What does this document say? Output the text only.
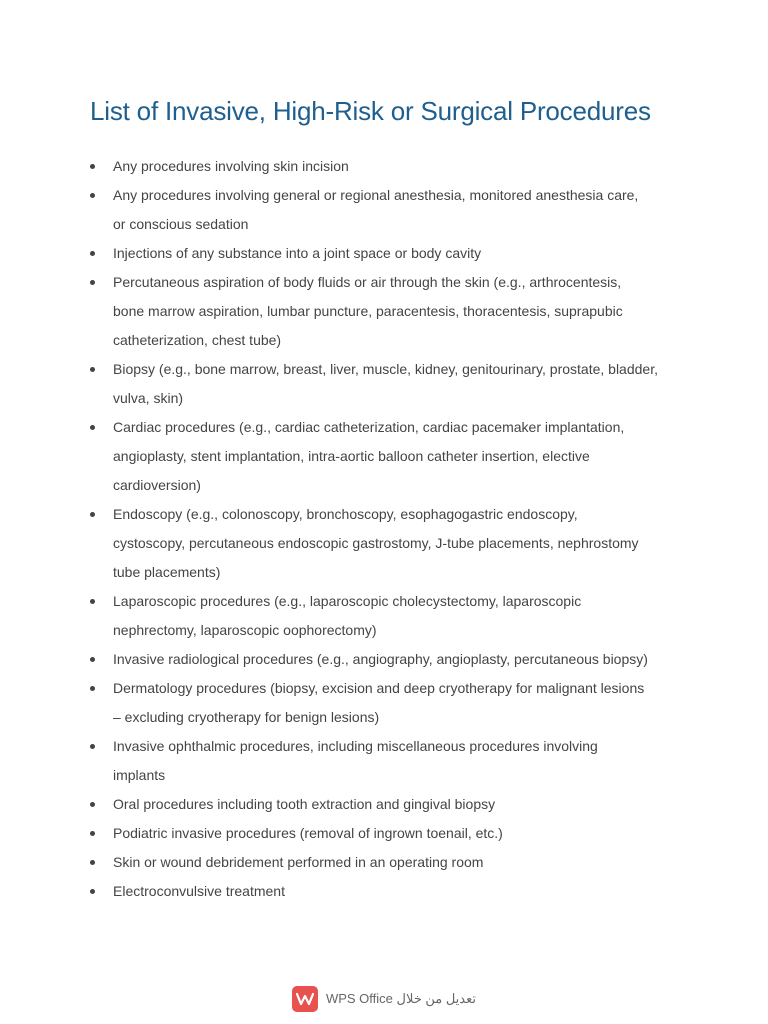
List of Invasive, High-Risk or Surgical Procedures
Any procedures involving skin incision
Any procedures involving general or regional anesthesia, monitored anesthesia care,
or conscious sedation
Injections of any substance into a joint space or body cavity
Percutaneous aspiration of body fluids or air through the skin (e.g., arthrocentesis,
bone marrow aspiration, lumbar puncture, paracentesis, thoracentesis, suprapubic
catheterization, chest tube)
Biopsy (e.g., bone marrow, breast, liver, muscle, kidney, genitourinary, prostate, bladder,
vulva, skin)
Cardiac procedures (e.g., cardiac catheterization, cardiac pacemaker implantation,
angioplasty, stent implantation, intra-aortic balloon catheter insertion, elective
cardioversion)
Endoscopy (e.g., colonoscopy, bronchoscopy, esophagogastric endoscopy,
cystoscopy, percutaneous endoscopic gastrostomy, J-tube placements, nephrostomy
tube placements)
Laparoscopic procedures (e.g., laparoscopic cholecystectomy, laparoscopic
nephrectomy, laparoscopic oophorectomy)
Invasive radiological procedures (e.g., angiography, angioplasty, percutaneous biopsy)
Dermatology procedures (biopsy, excision and deep cryotherapy for malignant lesions
– excluding cryotherapy for benign lesions)
Invasive ophthalmic procedures, including miscellaneous procedures involving
implants
Oral procedures including tooth extraction and gingival biopsy
Podiatric invasive procedures (removal of ingrown toenail, etc.)
Skin or wound debridement performed in an operating room
Electroconvulsive treatment
تعديل من خلال WPS Office
